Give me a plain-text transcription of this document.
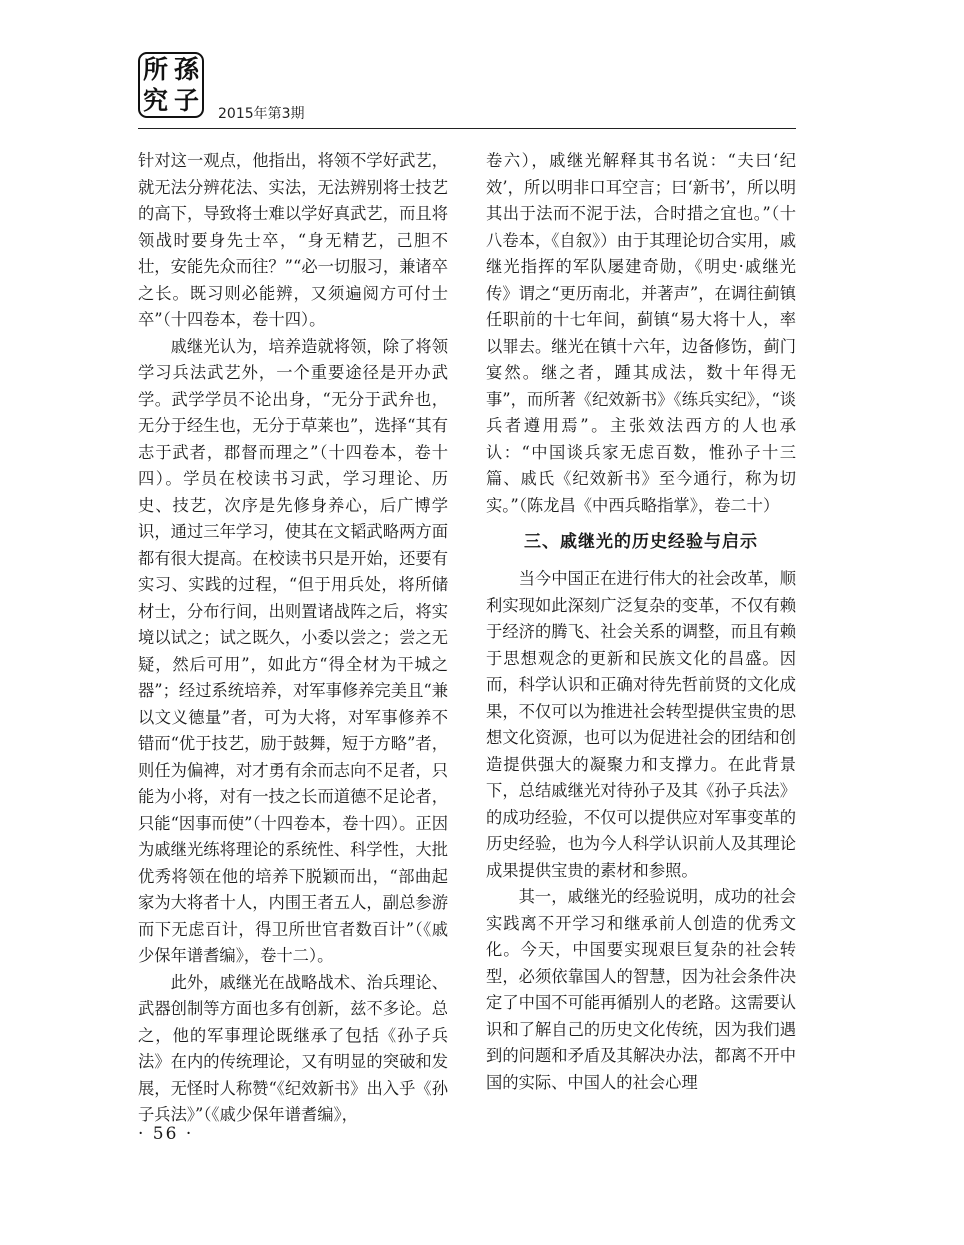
所 孫
究 子 2015年第3期

针对这一观点，他指出，将领不学好武艺，就无法分辨花法、实法，无法辨别将士技艺的高下，导致将士难以学好真武艺，而且将领战时要身先士卒，“身无精艺，己胆不壮，安能先众而往？”“必一切服习，兼诸卒之长。既习则必能辨，又须遍阅方可付士卒”（十四卷本，卷十四）。

戚继光认为，培养造就将领，除了将领学习兵法武艺外，一个重要途径是开办武学。武学学员不论出身，“无分于武弁也，无分于经生也，无分于草莱也”，选择“其有志于武者，郡督而理之”（十四卷本，卷十四）。学员在校读书习武，学习理论、历史、技艺，次序是先修身养心，后广博学识，通过三年学习，使其在文韬武略两方面都有很大提高。在校读书只是开始，还要有实习、实践的过程，“但于用兵处，将所储材士，分布行间，出则置诸战阵之后，将实境以试之；试之既久，小委以尝之；尝之无疑，然后可用”，如此方“得全材为干城之器”；经过系统培养，对军事修养完美且“兼以文义德量”者，可为大将，对军事修养不错而“优于技艺，励于鼓舞，短于方略”者，则任为偏裨，对才勇有余而志向不足者，只能为小将，对有一技之长而道德不足论者，只能“因事而使”（十四卷本，卷十四）。正因为戚继光练将理论的系统性、科学性，大批优秀将领在他的培养下脱颖而出，“部曲起家为大将者十人，内围王者五人，副总参游而下无虑百计，得卫所世官者数百计”（《戚少保年谱耆编》，卷十二）。

此外，戚继光在战略战术、治兵理论、武器创制等方面也多有创新，兹不多论。总之，他的军事理论既继承了包括《孙子兵法》在内的传统理论，又有明显的突破和发展，无怪时人称赞“《纪效新书》出入乎《孙子兵法》”（《戚少保年谱耆编》，

卷六），戚继光解释其书名说：“夫曰‘纪效’，所以明非口耳空言；曰‘新书’，所以明其出于法而不泥于法，合时措之宜也。”（十八卷本，《自叙》）由于其理论切合实用，戚继光指挥的军队屡建奇勋，《明史·戚继光传》谓之“更历南北，并著声”，在调往蓟镇任职前的十七年间，蓟镇“易大将十人，率以罪去。继光在镇十六年，边备修饬，蓟门宴然。继之者，踵其成法，数十年得无事”，而所著《纪效新书》《练兵实纪》，“谈兵者遵用焉”。主张效法西方的人也承认：“中国谈兵家无虑百数，惟孙子十三篇、戚氏《纪效新书》至今通行，称为切实。”（陈龙昌《中西兵略指掌》，卷二十）

三、戚继光的历史经验与启示

当今中国正在进行伟大的社会改革，顺利实现如此深刻广泛复杂的变革，不仅有赖于经济的腾飞、社会关系的调整，而且有赖于思想观念的更新和民族文化的昌盛。因而，科学认识和正确对待先哲前贤的文化成果，不仅可以为推进社会转型提供宝贵的思想文化资源，也可以为促进社会的团结和创造提供强大的凝聚力和支撑力。在此背景下，总结戚继光对待孙子及其《孙子兵法》的成功经验，不仅可以提供应对军事变革的历史经验，也为今人科学认识前人及其理论成果提供宝贵的素材和参照。

其一，戚继光的经验说明，成功的社会实践离不开学习和继承前人创造的优秀文化。今天，中国要实现艰巨复杂的社会转型，必须依靠国人的智慧，因为社会条件决定了中国不可能再循别人的老路。这需要认识和了解自己的历史文化传统，因为我们遇到的问题和矛盾及其解决办法，都离不开中国的实际、中国人的社会心理

· 56 ·
